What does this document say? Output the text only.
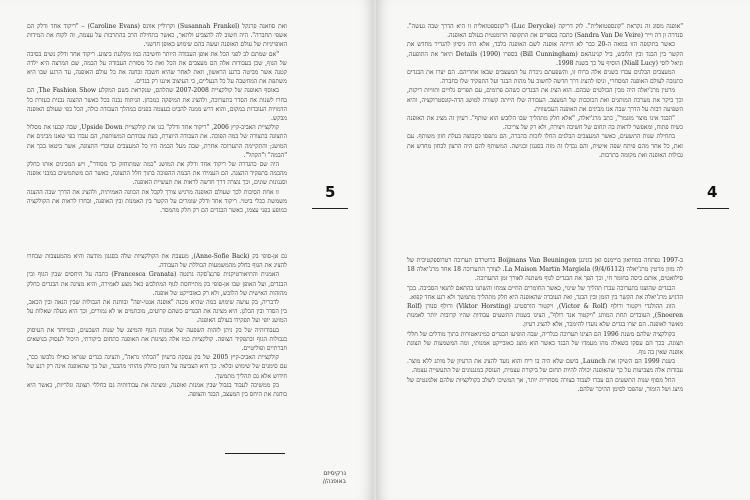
ואת סוזאנה פרנקל (Susannah Frankel) וקרוליין אוונס (Caroline Evans) – "ריקוד אחד ודלק הם אשפי תחברה". היה חשוב לה להצביע ולתאר, כאשר בתחילת הרב בהתרבות על עצמה, זה לקוח את המידות האופייניות של עולם האופנה ועשה בהם שימוש באופן חדשני.

"אם שמתם לב לפני הכל את אופן העבודה היותר וחשיבה כמו מקלעת ביצוע. ריקוד אחד ודלק נשים בסיבה של הגוף, שכן בעבודות אלה הם מעצבים את הכל ואת כל מסורת העבודה על הבמה, שם המרצה היא ילדה קטנה אשר מביטה ברגע הראשון, וזאת לאחר שהיא חשבה ובחנה את כל עולם האופנה, עד הרגע שבו היא משתפת את המחשבה על כל הנעליים, כי העיצוב איננו רק בגדים.

באוסף האופנה של קולקציית 2007-2008 שהלהם, שנקראת בשם המקלע The Fashion Show, הם בחרו לשנות את הסדר בתערוכה, ולהציג את המיפקה כמבחן. הניתוח נבנה בכל כאשר ההצגה נבנית בעזרת כל הדמויות העובדות במקום, והוא דרש ממנה להביט בעצמה בפנים במהלך העבודה כולה, הכל כפי שעולם האופנה מבקש.

קולקציית האביב-קיץ 2006, "ריקוד אחד ודלק" בנו את קולקציית Upside Down, שבה קבעו את מסלול התצוגה בתצורה של במה הפוכה. את העבודה היוצרת, בעת עבודתם המשותפת, הם עבדו כפי שאנו מבינים את המושג; והתקיימה התערוכה אחרת, שבה מעל הבמה היו כל המעצבים ועובדי התצוגה, אשר ביטאו בכך את "הבמה" ו"הקהל".

היה שם כהגדרה של ריקוד אחד ודלק את המושג "כמה שמתוחזק כך מסודר", ויש המבינים אותו כחלק מהבמה בתפקיד ההצגה. הם העמידו את הבמה ההפוכה בתוך חלל התצוגה, כאשר הם משתמשים במבני אופנה וסגנונות שונים, וכך נוצרה דרך חדשה לראות את תעשיית האופנה.

זו אחת הסיבות לכך שעולם האופנה מרגיש צורך לקבל את הכוונה האמיתית, ולהציג את הדרך שבה ההצגה משמשת ככלי ביטוי. ריקוד אחד ודלק שומרים על הקשר בין האמנות ובין האופנה, ובחרו לראות את הקולקציה כמופע בפני עצמו, כאשר הבגדים הם רק חלק מהמסר.

5

גם אן-סופי בק (Anne-Sofie Back), מעצבת את הקולקציות שלה בסגנון מודעה והיא מהמעצבות שבחרו להציג את הגוף כחלק מהמשמעות הכוללת של העבודה.

האמנית והתיאורטיקנית פרנצ'סקה גרנטה (Francesca Granata) כתבה על היחסים שבין הגוף ובין הבגדים, ועל האופן שבו אן-סופי בק מתייחסת לגוף המתלבש כאל מצע לאמירה, והיא מציגה את הבגדים כחלק מהזהות האישית של הלובש, ולא רק כאובייקט של אופנה.

לדבריה, בק עושה שימוש במה שהיא מכנה "אופנה אנטי-יפה" ובוחנת את הגבולות שבין הנאה ובין הכאב, בין הסדר ובין הבלגן. היא מציגה את הבגדים כשהם קרועים, מוכתמים או לא גמורים, וכך היא מעלה שאלות על המושג יופי ועל תפקידו בעולם האופנה.

בעבודותיה של בק ניתן לזהות השפעה של אמנות הגוף והמיצג של שנות השבעים, ובמיוחד את העיסוק בגבולות הגוף ובתפקיד הצופה. קולקציות כמו אלה מציגות את האופנה כתחום ביקורתי, היכול לעסוק בנושאים חברתיים ופוליטיים.

קולקציית האביב-קיץ 2005 של בק עסקה ברעיון "הבלתי נראה", והציגה בגדים שנראו כאילו נלבשו כבר, עם סימנים של שימוש ובלאי. כך היא הצביעה על הזמן כחלק מהותי מהבגד, ועל כך שהאופנה אינה רק רגע של חידוש אלא גם תהליך מתמשך.

בק ממשיכה לעבוד בגבול שבין אמנות ואופנה, ומציגה את עבודותיה גם בחללי תצוגה וגלריות, כאשר היא בוחנת את היחס בין המעצב, הבגד והצופה.

נרקיסיזם
באופנה//
4

"אופנה מסוג זה נקראת "קונספטואלית". לוק דריקה (Luc Derycke) ו"קונספטואלית זו היא הדרך שבה נעשה". סנדרה ון דה וייר (Sandra Van De Veire) כתבה בספרים את התקופה הרומנטית בעולם האופנה.

כאשר בתקופה הזו במאה ה-20 כבר לא הייתה אופנה לשם האופנה בלבד, אלא היה ניסיון להגדיר מחדש את הקשר בין הבגד ובין הלובש, ביל קנינגהאם (Bill Cunningham) בספרו Details (1990) תיאר את התופעה, וניאל לוסי (Niall Lucy) הוסיף על כך בשנת 1998.

המעצבים הבלגים עבדו בשנים אלה ברוח זו, והשפעתם ניכרת על המעצבים שבאו אחריהם. הם יצרו את הבגדים כתגובה לעולם האופנה המסחרי, וניסו להציג דרך חדשה לחשוב על מהות הבגד ועל התפקיד שלו בחברה.

מרטין מרג'יאלה היה מבין הבולטים שבהם. הוא הציג את הבגדים כשהם פרומים, עם תפרים גלויים ותוויות ריקות, וכך ביקר את מערכת המותגים ואת הכוכבות של המעצב. העבודה שלו הייתה קשורה למושג הדה-קונסטרוקציה, והיא השפיעה רבות על הדרך שבה אנו מבינים את האופנה העכשווית.

"הבגד אינו מוצר מוגמר", כתב מרג'יאלה, "אלא חלק מתהליך שבו הלובש הוא שותף". רעיון זה מציג את האופנה כשיח פתוח, ומאפשר לראות בה תחום של חשיבה ויצירה, ולא רק של צריכה.

בתחילת שנות התשעים, כאשר המעצבים הבלגים החלו לזכות בהכרה, הם נתפסו כקבוצה בעלת חזון משותף. עם זאת, כל אחד מהם פיתח שפה אישית, והם נבדלו זה מזה בסגנון ובגישה. המשותף להם היה הרצון לבחון מחדש את גבולות האופנה ואת מקומה בתרבות.

ב-1997 נפתחה במוזיאון בויימנס ואן בונינגן Boijmans Van Beuningen ברוטרדם תערוכה רטרוספקטיבית של לה מזון מרטין מרג'יאלה La Maison Martin Margiela (9/4/6112). לצורך התערוכה 18 אחד מרג'יאלה 18 סילואטים, אותם כיסה בחומר חי, וכך הפך את הבגדים לגוף משתנה לאורך זמן התערוכה.

הבגדים שהוצגו בתערוכה עברו תהליך של שינוי, כאשר החומרים החיים צמחו והשתנו בהתאם לתנאי הסביבה. בכך הדגיש מרג'יאלה את הקשר בין הזמן ובין הבגד, ואת העובדה שהאופנה היא חלק מתהליך מתמשך ולא רגע אחד קפוא.

הזוג ההולנדי ויקטור ורולף (Victor & Rolf), ויקטור הורסטינג (Viktor Horsting) ורולף סנורן (Rolf Snoeren), העובדים תחת המותג "ויקטור אנד רולף", הציגו בשנות התשעים עבודות שהיו קרובות יותר לאמנות מאשר לאופנה. הם יצרו בגדים שלא נועדו להימכר, אלא להציג רעיון.

בקולקציה שלהם משנת 1996 הם הציגו תערוכה בגלריה, שבה הופיעו הבגדים כמיניאטורות בתוך מודלים של חללי תצוגה. בכך הם עסקו בשאלה מהו מעמדו של הבגד כאשר הוא מוצג כאובייקט אמנותי, ומה המשמעות של תצוגת אופנה שאין בה גוף.

בשנת 1999 הם השיקו את Launch, בושם שלא היה בו ריח והוא נועד להציג את הרעיון של מותג ללא מוצר. עבודות אלה מצביעות על כך שהאופנה יכולה להיות תחום של ביקורת עצמית, העוסק במנגנונים של התעשייה עצמה.

החל מסוף שנות התשעים הם עברו לעבוד בצורה מסחרית יותר, אך המשיכו לשלב בקולקציות שלהם אלמנטים של מיצג ושל הומור, שהפכו לסימן ההיכר שלהם.
